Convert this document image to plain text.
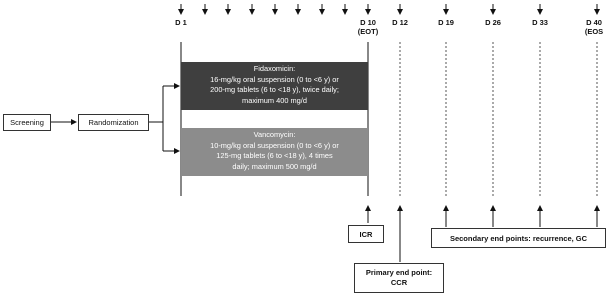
D 1	D 10
(EOT)
D 12	D 19	D 26	D 33	D 40
(EOS
Screening	Randomization
Fidaxomicin:
16-mg/kg oral suspension (0 to <6 y) or
200-mg tablets (6 to <18 y), twice daily;
maximum 400 mg/d
Vancomycin:
10-mg/kg oral suspension (0 to <6 y) or
125-mg tablets (6 to <18 y), 4 times
daily; maximum 500 mg/d
ICR
Primary end point:
CCR
Secondary end points: recurrence, GC
